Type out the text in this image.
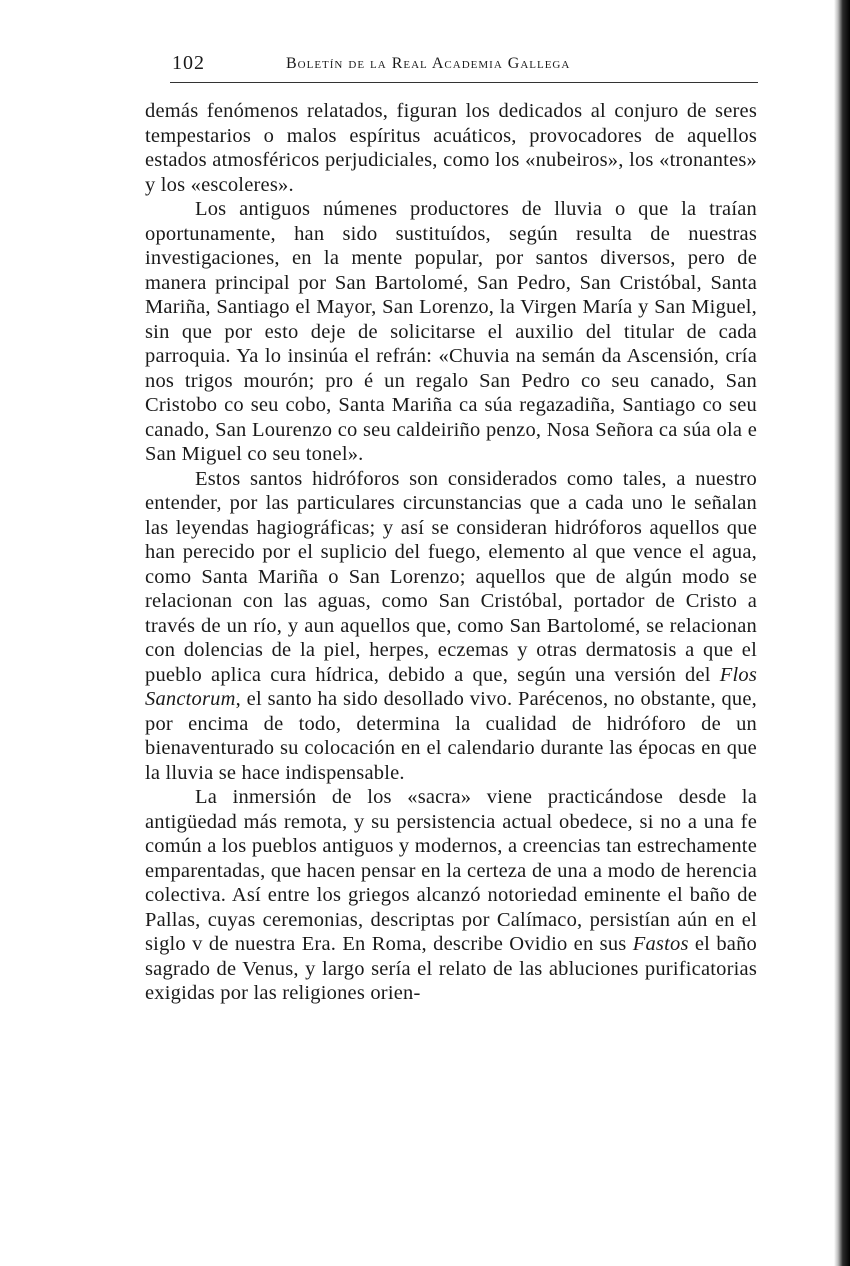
102	Boletín de la Real Academia Gallega

demás fenómenos relatados, figuran los dedicados al conjuro de seres tempestarios o malos espíritus acuáticos, provocadores de aquellos estados atmosféricos perjudiciales, como los «nubeiros», los «tronantes» y los «escoleres».

Los antiguos númenes productores de lluvia o que la traían oportunamente, han sido sustituídos, según resulta de nuestras investigaciones, en la mente popular, por santos diversos, pero de manera principal por San Bartolomé, San Pedro, San Cristóbal, Santa Mariña, Santiago el Mayor, San Lorenzo, la Virgen María y San Miguel, sin que por esto deje de solicitarse el auxilio del titular de cada parroquia. Ya lo insinúa el refrán: «Chuvia na semán da Ascensión, cría nos trigos mourón; pro é un regalo San Pedro co seu canado, San Cristobo co seu cobo, Santa Mariña ca súa regazadiña, Santiago co seu canado, San Lourenzo co seu caldeiriño penzo, Nosa Señora ca súa ola e San Miguel co seu tonel».

Estos santos hidróforos son considerados como tales, a nuestro entender, por las particulares circunstancias que a cada uno le señalan las leyendas hagiográficas; y así se consideran hidróforos aquellos que han perecido por el suplicio del fuego, elemento al que vence el agua, como Santa Mariña o San Lorenzo; aquellos que de algún modo se relacionan con las aguas, como San Cristóbal, portador de Cristo a través de un río, y aun aquellos que, como San Bartolomé, se relacionan con dolencias de la piel, herpes, eczemas y otras dermatosis a que el pueblo aplica cura hídrica, debido a que, según una versión del Flos Sanctorum, el santo ha sido desollado vivo. Parécenos, no obstante, que, por encima de todo, determina la cualidad de hidróforo de un bienaventurado su colocación en el calendario durante las épocas en que la lluvia se hace indispensable.

La inmersión de los «sacra» viene practicándose desde la antigüedad más remota, y su persistencia actual obedece, si no a una fe común a los pueblos antiguos y modernos, a creencias tan estrechamente emparentadas, que hacen pensar en la certeza de una a modo de herencia colectiva. Así entre los griegos alcanzó notoriedad eminente el baño de Pallas, cuyas ceremonias, descriptas por Calímaco, persistían aún en el siglo v de nuestra Era. En Roma, describe Ovidio en sus Fastos el baño sagrado de Venus, y largo sería el relato de las abluciones purificatorias exigidas por las religiones orien-
